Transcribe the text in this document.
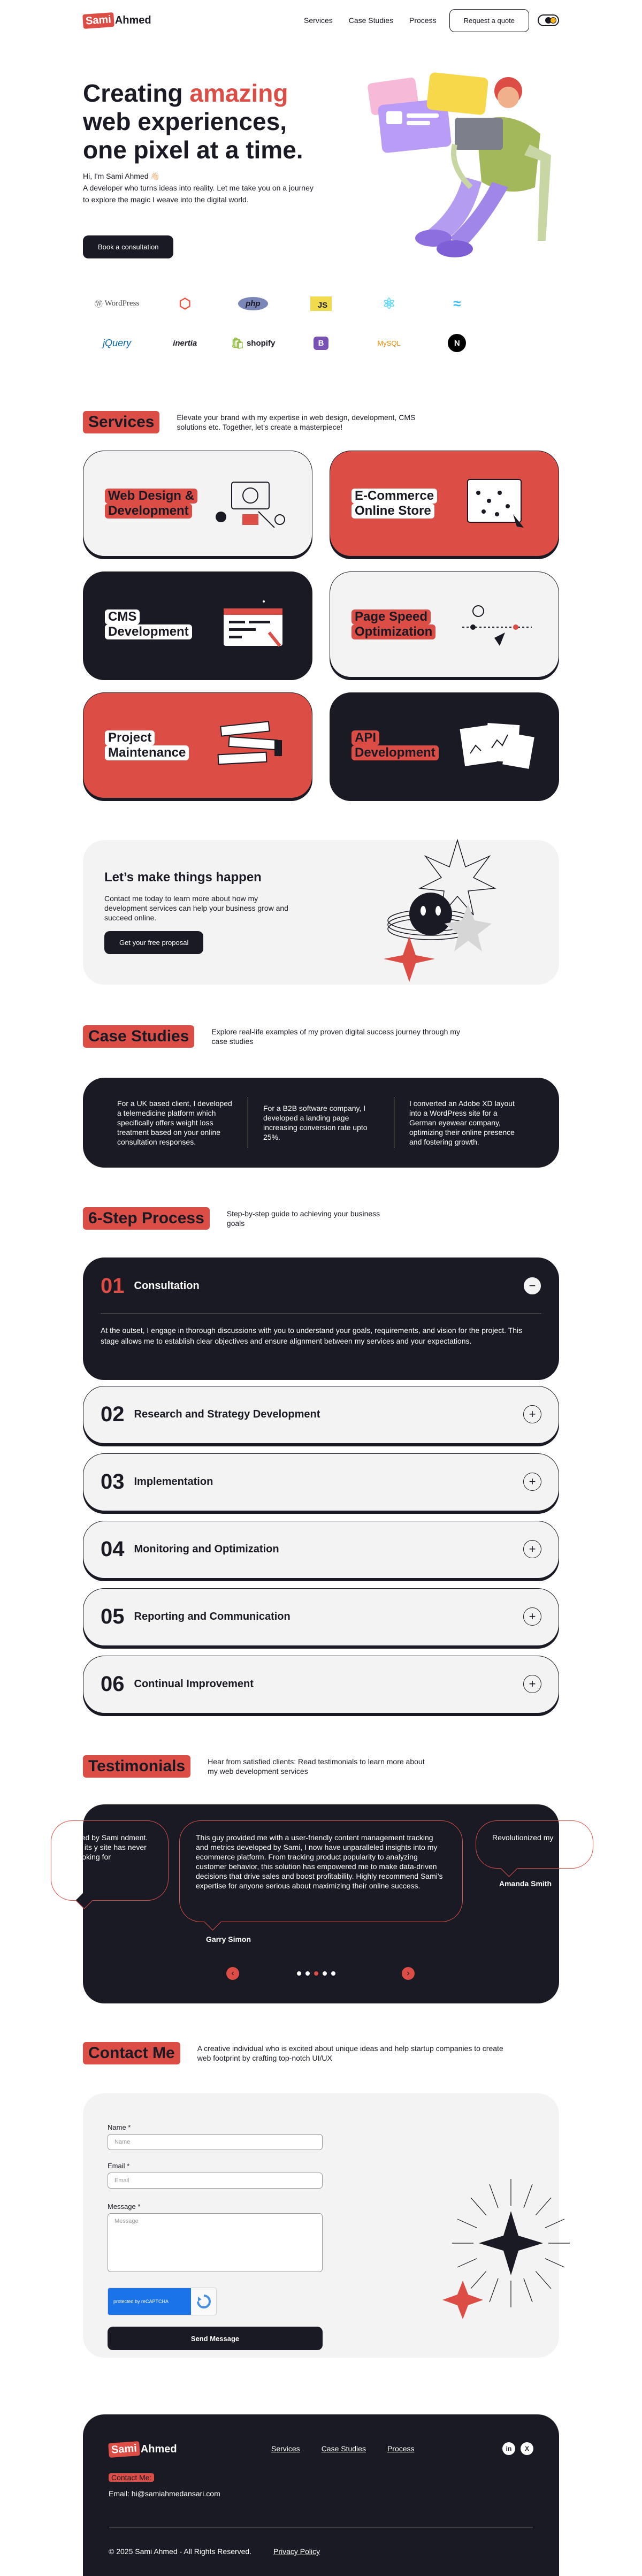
Sami Ahmed	Services Case Studies Process	Request a quote
Creating amazing
web experiences,
one pixel at a time.
Hi, I'm Sami Ahmed 👋🏻
A developer who turns ideas into reality. Let me take you on a journey to explore the magic I weave into the digital world.
Book a consultation
Ⓦ WordPress	⬡	php	JS	⚛	≈
jQuery	inertia	🛍
shopify	B	MySQL	N
Services	Elevate your brand with my expertise in web design, development, CMS solutions etc. Together, let's create a masterpiece!
Web Design &
Development
E-Commerce
Online Store
CMS
Development
Page Speed
Optimization
Project
Maintenance
API
Development
Let’s make things happen

Contact me today to learn more about how my development services can help your business grow and succeed online.

Get your free proposal
Case Studies	Explore real-life examples of my proven digital success journey through my case studies
For a UK based client, I developed a telemedicine platform which specifically offers weight loss treatment based on your online consultation responses.
For a B2B software company, I developed a landing page increasing conversion rate upto 25%.
I converted an Adobe XD layout into a WordPress site for a German eyewear company, optimizing their online presence and fostering growth.
6-Step Process	Step-by-step guide to achieving your business goals
01 Consultation	−
At the outset, I engage in thorough discussions with you to understand your goals, requirements, and vision for the project. This stage allows me to establish clear objectives and ensure alignment between my services and your expectations.
02 Research and Strategy Development	+
03 Implementation	+
04 Monitoring and Optimization	+
05 Reporting and Communication	+
06 Continual Improvement	+
Testimonials	Hear from satisfied clients: Read testimonials to learn more about my web development services
ovided by Sami ndment. With its y site has never re looking for
This guy provided me with a user-friendly content management tracking and metrics developed by Sami, I now have unparalleled insights into my ecommerce platform. From tracking product popularity to analyzing customer behavior, this solution has empowered me to make data-driven decisions that drive sales and boost profitability. Highly recommend Sami's expertise for anyone serious about maximizing their online success.
Garry Simon
Revolutionized my
Amanda Smith
‹	›
Contact Me	A creative individual who is excited about unique ideas and help startup companies to create web footprint by crafting top-notch UI/UX
Name *
Name
Email *
Email
Message *
Message
protected by reCAPTCHA
Send Message
Sami Ahmed	Services	Case Studies	Process	in	X
Contact Me:
Email: hi@samiahmedansari.com
© 2025 Sami Ahmed - All Rights Reserved.	Privacy Policy
